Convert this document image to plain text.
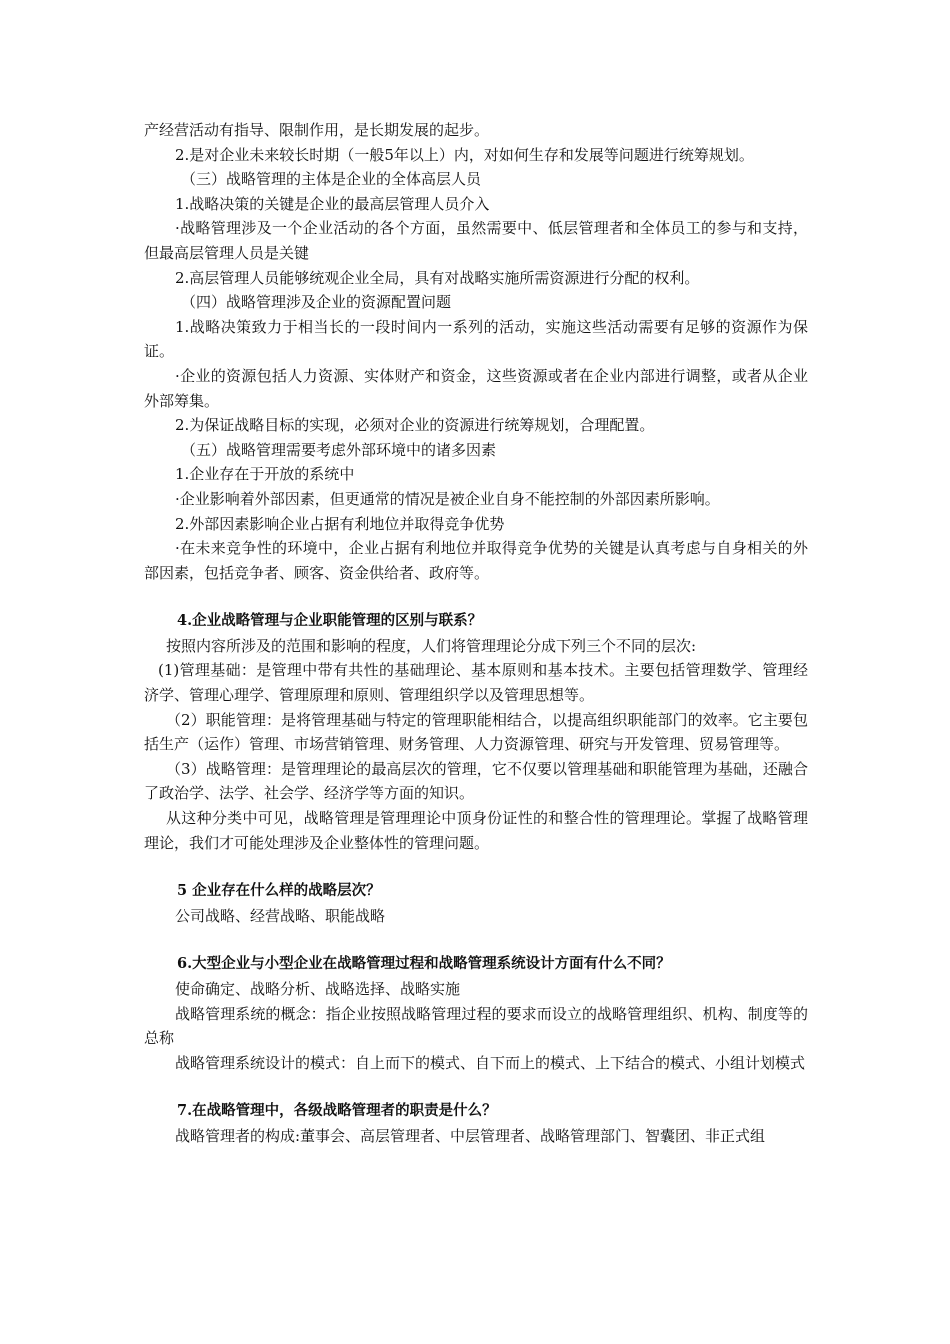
产经营活动有指导、限制作用，是长期发展的起步。

2.是对企业未来较长时期（一般5年以上）内，对如何生存和发展等问题进行统筹规划。

（三）战略管理的主体是企业的全体高层人员

1.战略决策的关键是企业的最高层管理人员介入

·战略管理涉及一个企业活动的各个方面，虽然需要中、低层管理者和全体员工的参与和支持，但最高层管理人员是关键

2.高层管理人员能够统观企业全局，具有对战略实施所需资源进行分配的权利。

（四）战略管理涉及企业的资源配置问题

1.战略决策致力于相当长的一段时间内一系列的活动，实施这些活动需要有足够的资源作为保证。

·企业的资源包括人力资源、实体财产和资金，这些资源或者在企业内部进行调整，或者从企业外部筹集。

2.为保证战略目标的实现，必须对企业的资源进行统筹规划，合理配置。

（五）战略管理需要考虑外部环境中的诸多因素

1.企业存在于开放的系统中

·企业影响着外部因素，但更通常的情况是被企业自身不能控制的外部因素所影响。

2.外部因素影响企业占据有利地位并取得竞争优势

·在未来竞争性的环境中，企业占据有利地位并取得竞争优势的关键是认真考虑与自身相关的外部因素，包括竞争者、顾客、资金供给者、政府等。

4.企业战略管理与企业职能管理的区别与联系？

按照内容所涉及的范围和影响的程度，人们将管理理论分成下列三个不同的层次:

(1)管理基础：是管理中带有共性的基础理论、基本原则和基本技术。主要包括管理数学、管理经济学、管理心理学、管理原理和原则、管理组织学以及管理思想等。

（2）职能管理：是将管理基础与特定的管理职能相结合，以提高组织职能部门的效率。它主要包括生产（运作）管理、市场营销管理、财务管理、人力资源管理、研究与开发管理、贸易管理等。

（3）战略管理：是管理理论的最高层次的管理，它不仅要以管理基础和职能管理为基础，还融合了政治学、法学、社会学、经济学等方面的知识。

从这种分类中可见，战略管理是管理理论中顶身份证性的和整合性的管理理论。掌握了战略管理理论，我们才可能处理涉及企业整体性的管理问题。

5 企业存在什么样的战略层次？

公司战略、经营战略、职能战略

6.大型企业与小型企业在战略管理过程和战略管理系统设计方面有什么不同？

使命确定、战略分析、战略选择、战略实施

战略管理系统的概念：指企业按照战略管理过程的要求而设立的战略管理组织、机构、制度等的总称

战略管理系统设计的模式：自上而下的模式、自下而上的模式、上下结合的模式、小组计划模式

7.在战略管理中，各级战略管理者的职责是什么？

战略管理者的构成:董事会、高层管理者、中层管理者、战略管理部门、智囊团、非正式组
